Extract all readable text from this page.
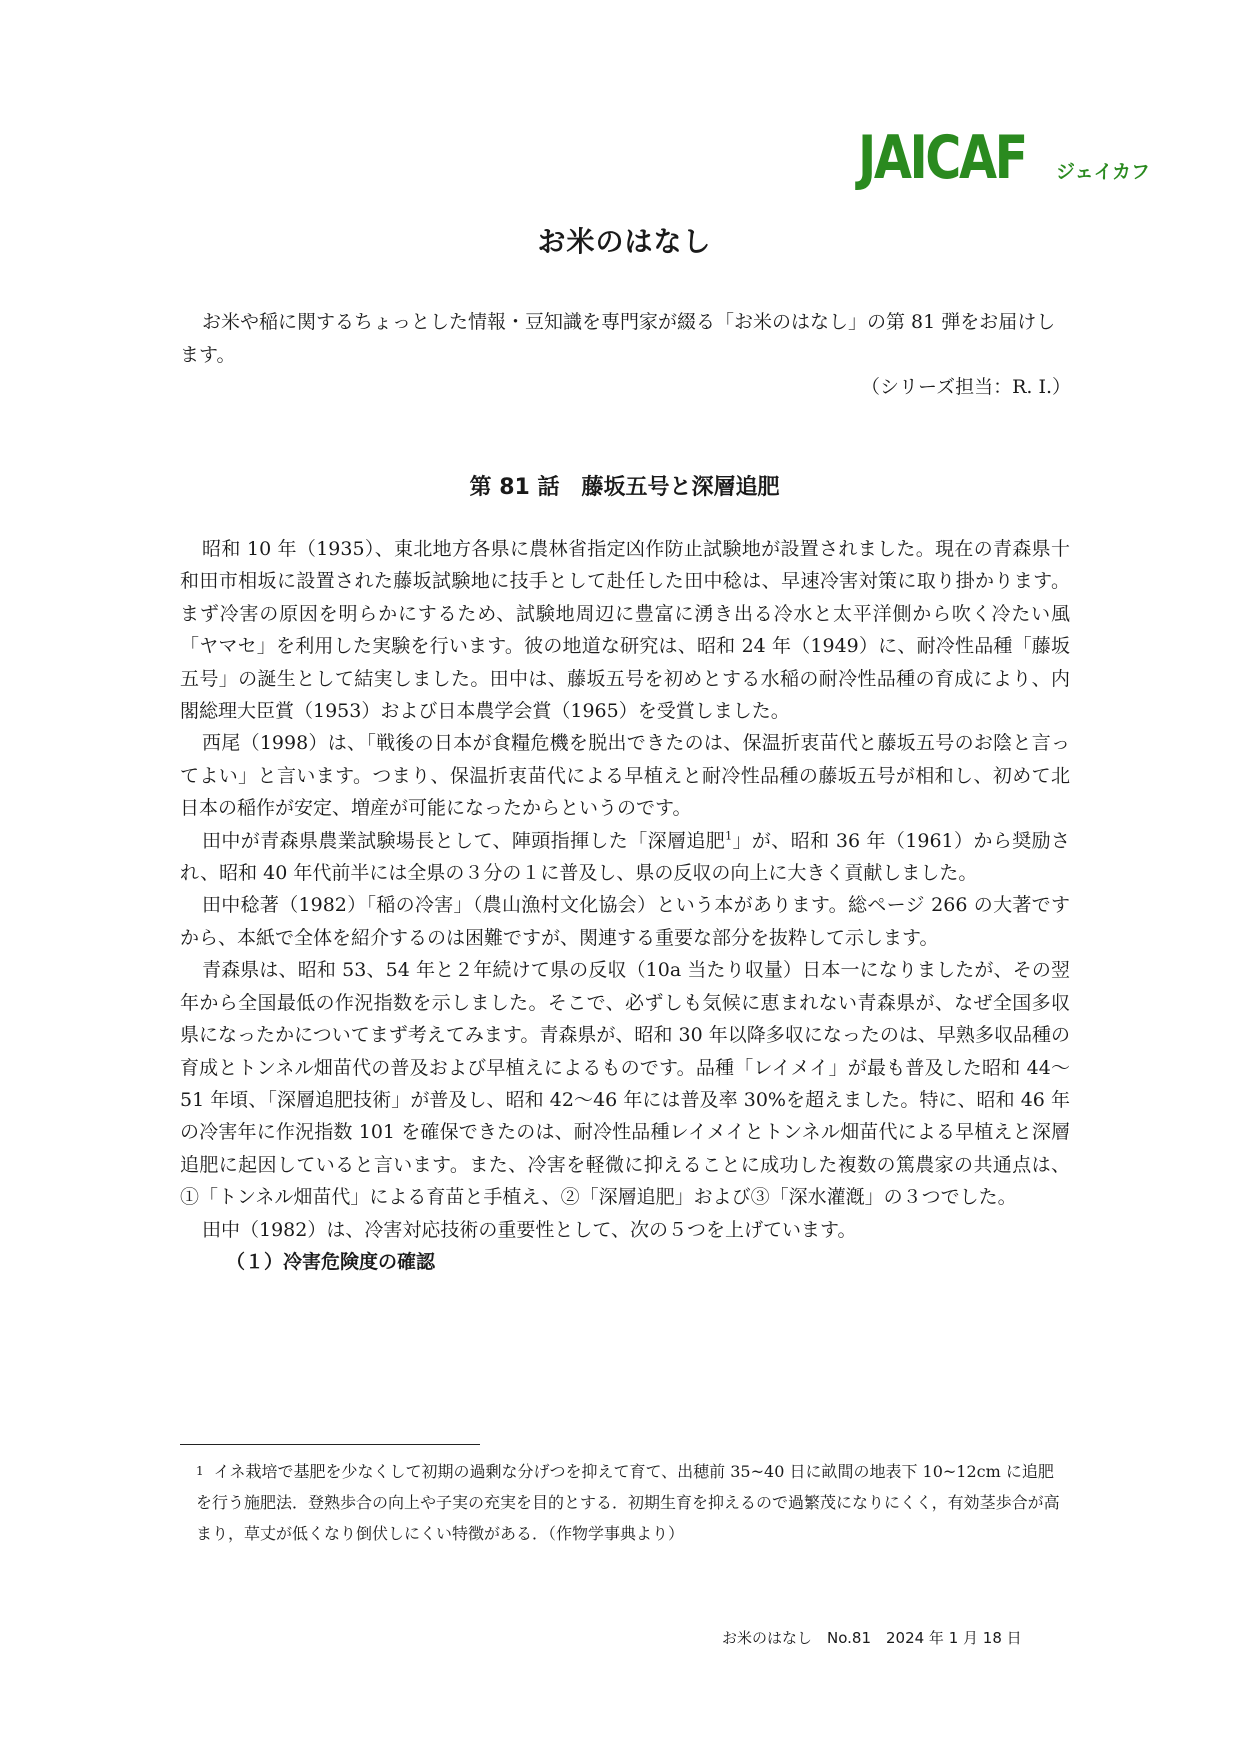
JAICAF ジェイカフ
お米のはなし

お米や稲に関するちょっとした情報・豆知識を専門家が綴る「お米のはなし」の第 81 弾をお届けします。

（シリーズ担当：R. I.）
第 81 話　藤坂五号と深層追肥

昭和 10 年（1935）、東北地方各県に農林省指定凶作防止試験地が設置されました。現在の青森県十和田市相坂に設置された藤坂試験地に技手として赴任した田中稔は、早速冷害対策に取り掛かります。まず冷害の原因を明らかにするため、試験地周辺に豊富に湧き出る冷水と太平洋側から吹く冷たい風「ヤマセ」を利用した実験を行います。彼の地道な研究は、昭和 24 年（1949）に、耐冷性品種「藤坂五号」の誕生として結実しました。田中は、藤坂五号を初めとする水稲の耐冷性品種の育成により、内閣総理大臣賞（1953）および日本農学会賞（1965）を受賞しました。

西尾（1998）は、「戦後の日本が食糧危機を脱出できたのは、保温折衷苗代と藤坂五号のお陰と言ってよい」と言います。つまり、保温折衷苗代による早植えと耐冷性品種の藤坂五号が相和し、初めて北日本の稲作が安定、増産が可能になったからというのです。

田中が青森県農業試験場長として、陣頭指揮した「深層追肥$^1$」が、昭和 36 年（1961）から奨励され、昭和 40 年代前半には全県の３分の１に普及し、県の反収の向上に大きく貢献しました。

田中稔著（1982）「稲の冷害」（農山漁村文化協会）という本があります。総ページ 266 の大著ですから、本紙で全体を紹介するのは困難ですが、関連する重要な部分を抜粋して示します。

青森県は、昭和 53、54 年と２年続けて県の反収（10a 当たり収量）日本一になりましたが、その翌年から全国最低の作況指数を示しました。そこで、必ずしも気候に恵まれない青森県が、なぜ全国多収県になったかについてまず考えてみます。青森県が、昭和 30 年以降多収になったのは、早熟多収品種の育成とトンネル畑苗代の普及および早植えによるものです。品種「レイメイ」が最も普及した昭和 44～51 年頃、「深層追肥技術」が普及し、昭和 42～46 年には普及率 30%を超えました。特に、昭和 46 年の冷害年に作況指数 101 を確保できたのは、耐冷性品種レイメイとトンネル畑苗代による早植えと深層追肥に起因していると言います。また、冷害を軽微に抑えることに成功した複数の篤農家の共通点は、①「トンネル畑苗代」による育苗と手植え、②「深層追肥」および③「深水灌漑」の３つでした。

田中（1982）は、冷害対応技術の重要性として、次の５つを上げています。

（１）冷害危険度の確認

$^1$ イネ栽培で基肥を少なくして初期の過剰な分げつを抑えて育て、出穂前 35~40 日に畝間の地表下 10~12cm に追肥を行う施肥法．登熟歩合の向上や子実の充実を目的とする．初期生育を抑えるので過繁茂になりにくく，有効茎歩合が高まり，草丈が低くなり倒伏しにくい特徴がある．（作物学事典より）

お米のはなし　No.81　2024 年 1 月 18 日
